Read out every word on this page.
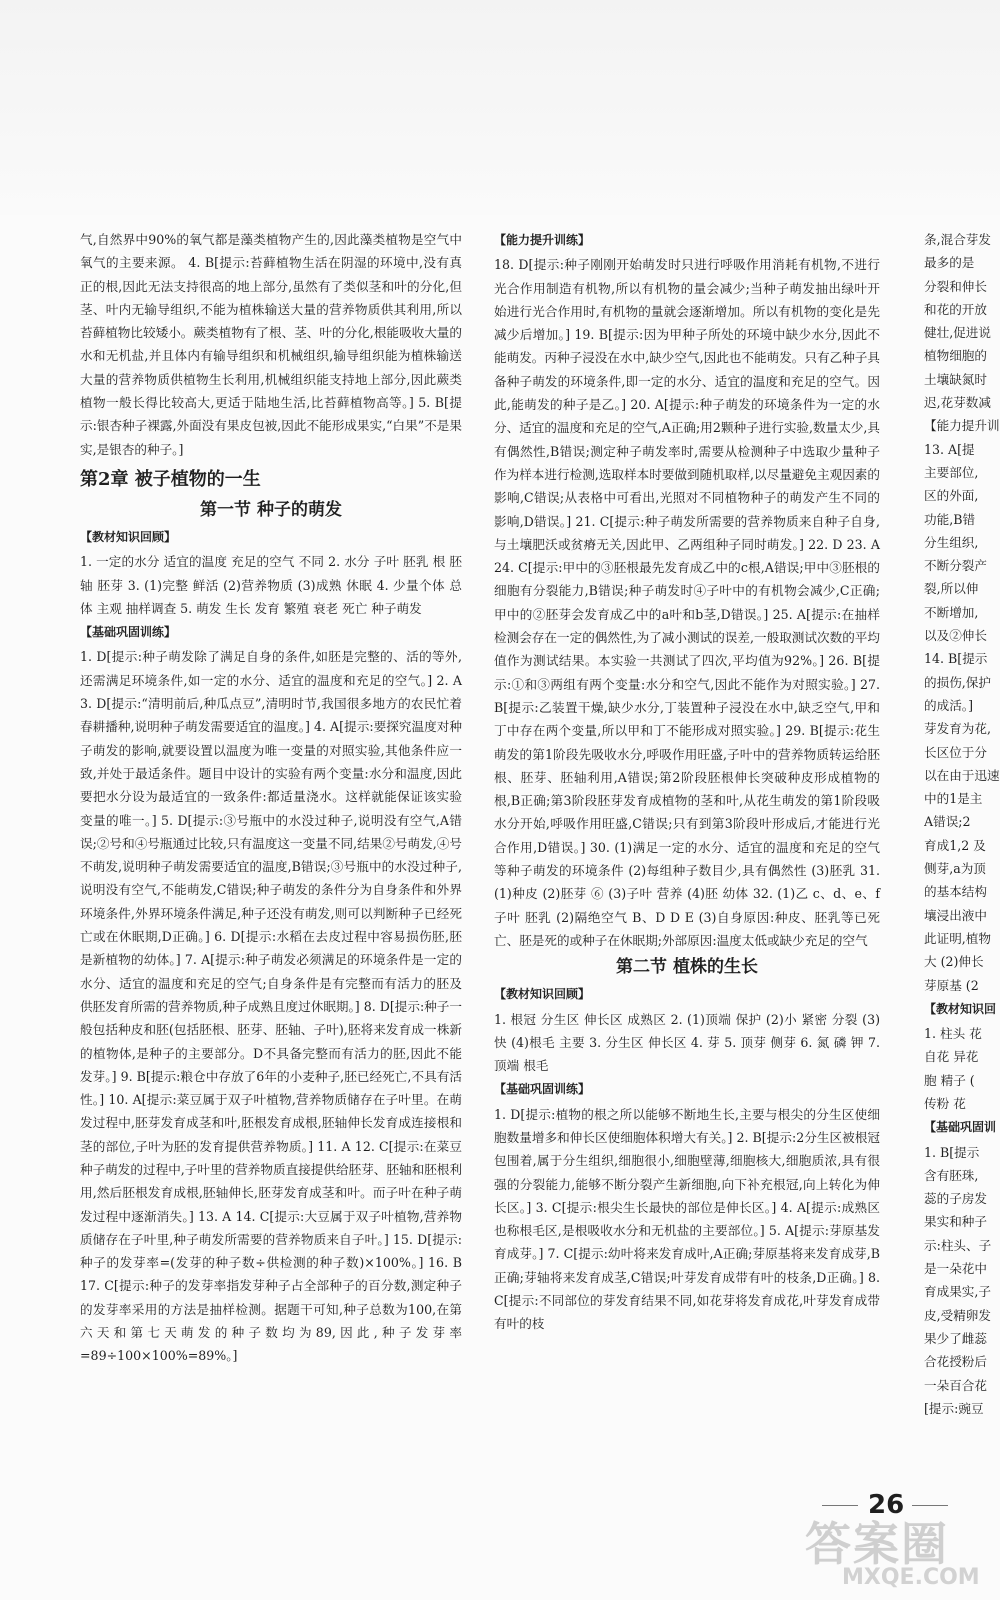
气,自然界中90%的氧气都是藻类植物产生的,因此藻类植物是空气中氧气的主要来源。 4. B[提示:苔藓植物生活在阴湿的环境中,没有真正的根,因此无法支持很高的地上部分,虽然有了类似茎和叶的分化,但茎、叶内无输导组织,不能为植株输送大量的营养物质供其利用,所以苔藓植物比较矮小。蕨类植物有了根、茎、叶的分化,根能吸收大量的水和无机盐,并且体内有输导组织和机械组织,输导组织能为植株输送大量的营养物质供植物生长利用,机械组织能支持地上部分,因此蕨类植物一般长得比较高大,更适于陆地生活,比苔藓植物高等。] 5. B[提示:银杏种子裸露,外面没有果皮包被,因此不能形成果实,“白果”不是果实,是银杏的种子。]

第2章 被子植物的一生
第一节 种子的萌发
【教材知识回顾】

1. 一定的水分 适宜的温度 充足的空气 不同 2. 水分 子叶 胚乳 根 胚轴 胚芽 3. (1)完整 鲜活 (2)营养物质 (3)成熟 休眠 4. 少量个体 总体 主观 抽样调查 5. 萌发 生长 发育 繁殖 衰老 死亡 种子萌发

【基础巩固训练】

1. D[提示:种子萌发除了满足自身的条件,如胚是完整的、活的等外,还需满足环境条件,如一定的水分、适宜的温度和充足的空气。] 2. A 3. D[提示:“清明前后,种瓜点豆”,清明时节,我国很多地方的农民忙着春耕播种,说明种子萌发需要适宜的温度。] 4. A[提示:要探究温度对种子萌发的影响,就要设置以温度为唯一变量的对照实验,其他条件应一致,并处于最适条件。题目中设计的实验有两个变量:水分和温度,因此要把水分设为最适宜的一致条件:都适量浇水。这样就能保证该实验变量的唯一。] 5. D[提示:③号瓶中的水没过种子,说明没有空气,A错误;②号和④号瓶通过比较,只有温度这一变量不同,结果②号萌发,④号不萌发,说明种子萌发需要适宜的温度,B错误;③号瓶中的水没过种子,说明没有空气,不能萌发,C错误;种子萌发的条件分为自身条件和外界环境条件,外界环境条件满足,种子还没有萌发,则可以判断种子已经死亡或在休眠期,D正确。] 6. D[提示:水稻在去皮过程中容易损伤胚,胚是新植物的幼体。] 7. A[提示:种子萌发必须满足的环境条件是一定的水分、适宜的温度和充足的空气;自身条件是有完整而有活力的胚及供胚发育所需的营养物质,种子成熟且度过休眠期。] 8. D[提示:种子一般包括种皮和胚(包括胚根、胚芽、胚轴、子叶),胚将来发育成一株新的植物体,是种子的主要部分。D不具备完整而有活力的胚,因此不能发芽。] 9. B[提示:粮仓中存放了6年的小麦种子,胚已经死亡,不具有活性。] 10. A[提示:菜豆属于双子叶植物,营养物质储存在子叶里。在萌发过程中,胚芽发育成茎和叶,胚根发育成根,胚轴伸长发育成连接根和茎的部位,子叶为胚的发育提供营养物质。] 11. A 12. C[提示:在菜豆种子萌发的过程中,子叶里的营养物质直接提供给胚芽、胚轴和胚根利用,然后胚根发育成根,胚轴伸长,胚芽发育成茎和叶。而子叶在种子萌发过程中逐渐消失。] 13. A 14. C[提示:大豆属于双子叶植物,营养物质储存在子叶里,种子萌发所需要的营养物质来自子叶。] 15. D[提示:种子的发芽率=(发芽的种子数÷供检测的种子数)×100%。] 16. B 17. C[提示:种子的发芽率指发芽种子占全部种子的百分数,测定种子的发芽率采用的方法是抽样检测。据题干可知,种子总数为100,在第六天和第七天萌发的种子数均为89,因此,种子发芽率=89÷100×100%=89%。]

【能力提升训练】

18. D[提示:种子刚刚开始萌发时只进行呼吸作用消耗有机物,不进行光合作用制造有机物,所以有机物的量会减少;当种子萌发抽出绿叶开始进行光合作用时,有机物的量就会逐渐增加。所以有机物的变化是先减少后增加。] 19. B[提示:因为甲种子所处的环境中缺少水分,因此不能萌发。丙种子浸没在水中,缺少空气,因此也不能萌发。只有乙种子具备种子萌发的环境条件,即一定的水分、适宜的温度和充足的空气。因此,能萌发的种子是乙。] 20. A[提示:种子萌发的环境条件为一定的水分、适宜的温度和充足的空气,A正确;用2颗种子进行实验,数量太少,具有偶然性,B错误;测定种子萌发率时,需要从检测种子中选取少量种子作为样本进行检测,选取样本时要做到随机取样,以尽量避免主观因素的影响,C错误;从表格中可看出,光照对不同植物种子的萌发产生不同的影响,D错误。] 21. C[提示:种子萌发所需要的营养物质来自种子自身,与土壤肥沃或贫瘠无关,因此甲、乙两组种子同时萌发。] 22. D 23. A 24. C[提示:甲中的③胚根最先发育成乙中的c根,A错误;甲中③胚根的细胞有分裂能力,B错误;种子萌发时④子叶中的有机物会减少,C正确;甲中的②胚芽会发育成乙中的a叶和b茎,D错误。] 25. A[提示:在抽样检测会存在一定的偶然性,为了减小测试的误差,一般取测试次数的平均值作为测试结果。本实验一共测试了四次,平均值为92%。] 26. B[提示:①和③两组有两个变量:水分和空气,因此不能作为对照实验。] 27. B[提示:乙装置干燥,缺少水分,丁装置种子浸没在水中,缺乏空气,甲和丁中存在两个变量,所以甲和丁不能形成对照实验。] 29. B[提示:花生萌发的第1阶段先吸收水分,呼吸作用旺盛,子叶中的营养物质转运给胚根、胚芽、胚轴利用,A错误;第2阶段胚根伸长突破种皮形成植物的根,B正确;第3阶段胚芽发育成植物的茎和叶,从花生萌发的第1阶段吸水分开始,呼吸作用旺盛,C错误;只有到第3阶段叶形成后,才能进行光合作用,D错误。] 30. (1)满足一定的水分、适宜的温度和充足的空气等种子萌发的环境条件 (2)每组种子数目少,具有偶然性 (3)胚乳 31. (1)种皮 (2)胚芽 ⑥ (3)子叶 营养 (4)胚 幼体 32. (1)乙 c、d、e、f 子叶 胚乳 (2)隔绝空气 B、D D E (3)自身原因:种皮、胚乳等已死亡、胚是死的或种子在休眠期;外部原因:温度太低或缺少充足的空气

第二节 植株的生长
【教材知识回顾】

1. 根冠 分生区 伸长区 成熟区 2. (1)顶端 保护 (2)小 紧密 分裂 (3)快 (4)根毛 主要 3. 分生区 伸长区 4. 芽 5. 顶芽 侧芽 6. 氮 磷 钾 7. 顶端 根毛

【基础巩固训练】

1. D[提示:植物的根之所以能够不断地生长,主要与根尖的分生区使细胞数量增多和伸长区使细胞体积增大有关。] 2. B[提示:2分生区被根冠包围着,属于分生组织,细胞很小,细胞壁薄,细胞核大,细胞质浓,具有很强的分裂能力,能够不断分裂产生新细胞,向下补充根冠,向上转化为伸长区。] 3. C[提示:根尖生长最快的部位是伸长区。] 4. A[提示:成熟区也称根毛区,是根吸收水分和无机盐的主要部位。] 5. A[提示:芽原基发育成芽。] 7. C[提示:幼叶将来发育成叶,A正确;芽原基将来发育成芽,B正确;芽轴将来发育成茎,C错误;叶芽发育成带有叶的枝条,D正确。] 8. C[提示:不同部位的芽发育结果不同,如花芽将发育成花,叶芽发育成带有叶的枝

条,混合芽发
最多的是
分裂和伸长
和花的开放
健壮,促进说
植物细胞的
土壤缺氮时
迟,花芽数减
【能力提升训
13. A[提
主要部位,
区的外面,
功能,B错
分生组织,
不断分裂产
裂,所以伸
不断增加,
以及②伸长
14. B[提示
的损伤,保护
的成活。]
芽发育为花,
长区位于分
以在由于迅速
中的1是主
A错误;2
育成1,2 及
侧芽,a为顶
的基本结构
壤浸出液中
此证明,植物
大 (2)伸长
芽原基 (2
【教材知识回
1. 柱头 花
自花 异花
胞 精子 (
传粉 花
【基础巩固训
1. B[提示
含有胚珠,
蕊的子房发
果实和种子
示:柱头、子
是一朵花中
育成果实,子
皮,受精卵发
果少了雌蕊
合花授粉后
一朵百合花
[提示:豌豆
26
答案圈
MXQE.COM
